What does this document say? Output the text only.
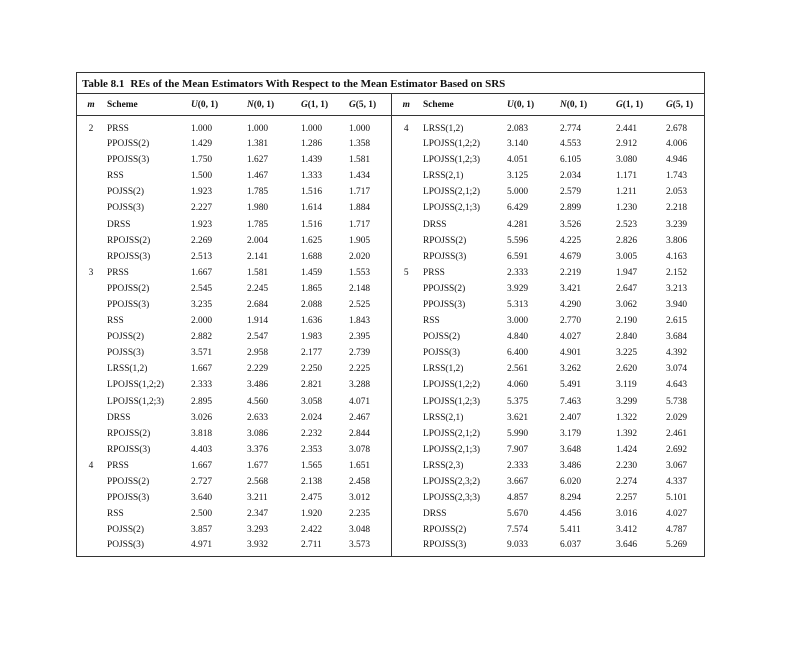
Table 8.1 REs of the Mean Estimators With Respect to the Mean Estimator Based on SRS
m	Scheme	U(0, 1)	N(0, 1)	G(1, 1)	G(5, 1)	m	Scheme	U(0, 1)	N(0, 1)	G(1, 1)	G(5, 1)
2	PRSS	1.000	1.000	1.000	1.000	4	LRSS(1,2)	2.083	2.774	2.441	2.678
	PPOJSS(2)	1.429	1.381	1.286	1.358		LPOJSS(1,2;2)	3.140	4.553	2.912	4.006
	PPOJSS(3)	1.750	1.627	1.439	1.581		LPOJSS(1,2;3)	4.051	6.105	3.080	4.946
	RSS	1.500	1.467	1.333	1.434		LRSS(2,1)	3.125	2.034	1.171	1.743
	POJSS(2)	1.923	1.785	1.516	1.717		LPOJSS(2,1;2)	5.000	2.579	1.211	2.053
	POJSS(3)	2.227	1.980	1.614	1.884		LPOJSS(2,1;3)	6.429	2.899	1.230	2.218
	DRSS	1.923	1.785	1.516	1.717		DRSS	4.281	3.526	2.523	3.239
	RPOJSS(2)	2.269	2.004	1.625	1.905		RPOJSS(2)	5.596	4.225	2.826	3.806
	RPOJSS(3)	2.513	2.141	1.688	2.020		RPOJSS(3)	6.591	4.679	3.005	4.163
3	PRSS	1.667	1.581	1.459	1.553	5	PRSS	2.333	2.219	1.947	2.152
	PPOJSS(2)	2.545	2.245	1.865	2.148		PPOJSS(2)	3.929	3.421	2.647	3.213
	PPOJSS(3)	3.235	2.684	2.088	2.525		PPOJSS(3)	5.313	4.290	3.062	3.940
	RSS	2.000	1.914	1.636	1.843		RSS	3.000	2.770	2.190	2.615
	POJSS(2)	2.882	2.547	1.983	2.395		POJSS(2)	4.840	4.027	2.840	3.684
	POJSS(3)	3.571	2.958	2.177	2.739		POJSS(3)	6.400	4.901	3.225	4.392
	LRSS(1,2)	1.667	2.229	2.250	2.225		LRSS(1,2)	2.561	3.262	2.620	3.074
	LPOJSS(1,2;2)	2.333	3.486	2.821	3.288		LPOJSS(1,2;2)	4.060	5.491	3.119	4.643
	LPOJSS(1,2;3)	2.895	4.560	3.058	4.071		LPOJSS(1,2;3)	5.375	7.463	3.299	5.738
	DRSS	3.026	2.633	2.024	2.467		LRSS(2,1)	3.621	2.407	1.322	2.029
	RPOJSS(2)	3.818	3.086	2.232	2.844		LPOJSS(2,1;2)	5.990	3.179	1.392	2.461
	RPOJSS(3)	4.403	3.376	2.353	3.078		LPOJSS(2,1;3)	7.907	3.648	1.424	2.692
4	PRSS	1.667	1.677	1.565	1.651		LRSS(2,3)	2.333	3.486	2.230	3.067
	PPOJSS(2)	2.727	2.568	2.138	2.458		LPOJSS(2,3;2)	3.667	6.020	2.274	4.337
	PPOJSS(3)	3.640	3.211	2.475	3.012		LPOJSS(2,3;3)	4.857	8.294	2.257	5.101
	RSS	2.500	2.347	1.920	2.235		DRSS	5.670	4.456	3.016	4.027
	POJSS(2)	3.857	3.293	2.422	3.048		RPOJSS(2)	7.574	5.411	3.412	4.787
	POJSS(3)	4.971	3.932	2.711	3.573		RPOJSS(3)	9.033	6.037	3.646	5.269
